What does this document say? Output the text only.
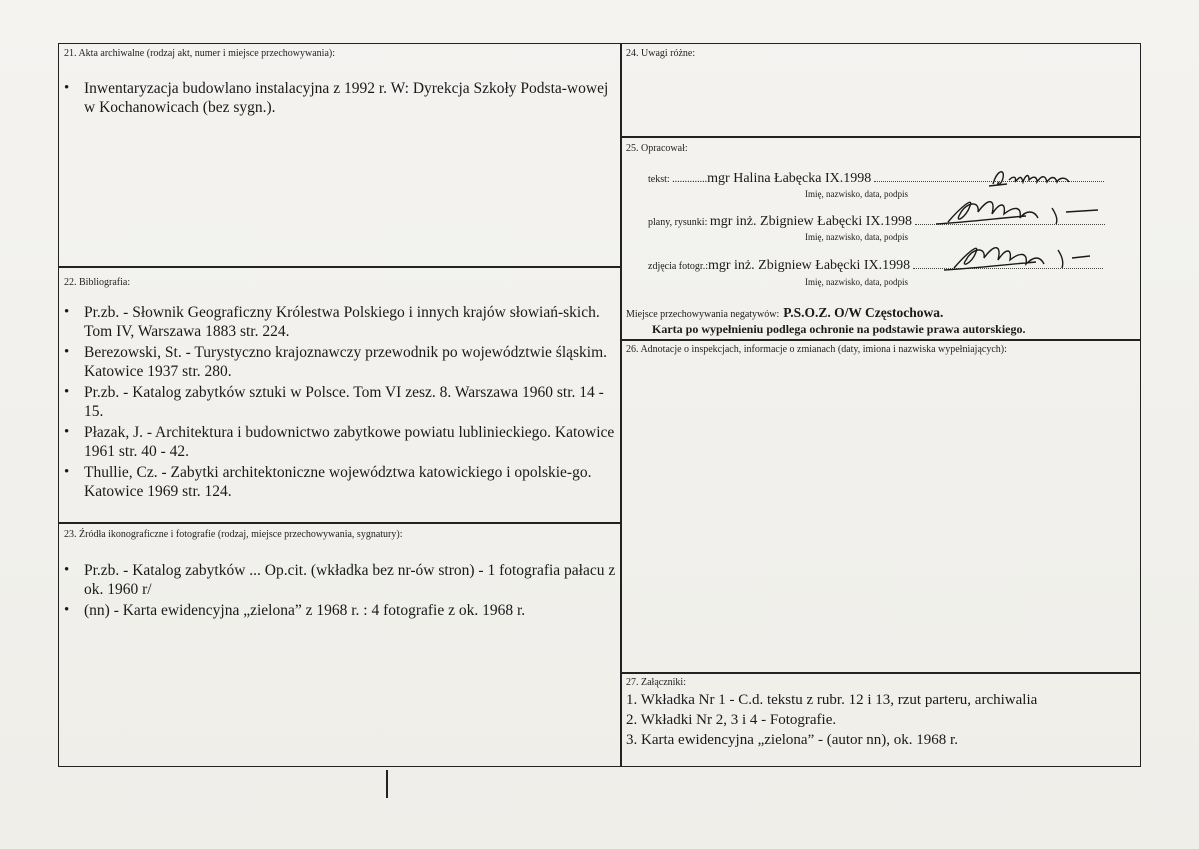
21. Akta archiwalne (rodzaj akt, numer i miejsce przechowywania):
• Inwentaryzacja budowlano instalacyjna z 1992 r. W: Dyrekcja Szkoły Podsta-wowej w Kochanowicach (bez sygn.).
22. Bibliografia:
• Pr.zb. - Słownik Geograficzny Królestwa Polskiego i innych krajów słowiań-skich. Tom IV, Warszawa 1883 str. 224.
• Berezowski, St. - Turystyczno krajoznawczy przewodnik po województwie śląskim. Katowice 1937 str. 280.
• Pr.zb. - Katalog zabytków sztuki w Polsce. Tom VI zesz. 8. Warszawa 1960 str. 14 - 15.
• Płazak, J. - Architektura i budownictwo zabytkowe powiatu lublinieckiego. Katowice 1961 str. 40 - 42.
• Thullie, Cz. - Zabytki architektoniczne województwa katowickiego i opolskie-go. Katowice 1969 str. 124.
23. Źródła ikonograficzne i fotografie (rodzaj, miejsce przechowywania, sygnatury):
• Pr.zb. - Katalog zabytków ... Op.cit. (wkładka bez nr-ów stron) - 1 fotografia pałacu z ok. 1960 r/
• (nn) - Karta ewidencyjna „zielona” z 1968 r. : 4 fotografie z ok. 1968 r.
24. Uwagi różne:
25. Opracował:
tekst: ..............mgr Halina Łabęcka IX.1998
Imię, nazwisko, data, podpis
plany, rysunki: mgr inż. Zbigniew Łabęcki IX.1998
Imię, nazwisko, data, podpis
zdjęcia fotogr.:mgr inż. Zbigniew Łabęcki IX.1998
Imię, nazwisko, data, podpis
Miejsce przechowywania negatywów: P.S.O.Z. O/W Częstochowa.
Karta po wypełnieniu podlega ochronie na podstawie prawa autorskiego.
26. Adnotacje o inspekcjach, informacje o zmianach (daty, imiona i nazwiska wypełniających):
27. Załączniki:
1. Wkładka Nr 1 - C.d. tekstu z rubr. 12 i 13, rzut parteru, archiwalia
2. Wkładki Nr 2, 3 i 4 - Fotografie.
3. Karta ewidencyjna „zielona” - (autor nn), ok. 1968 r.
